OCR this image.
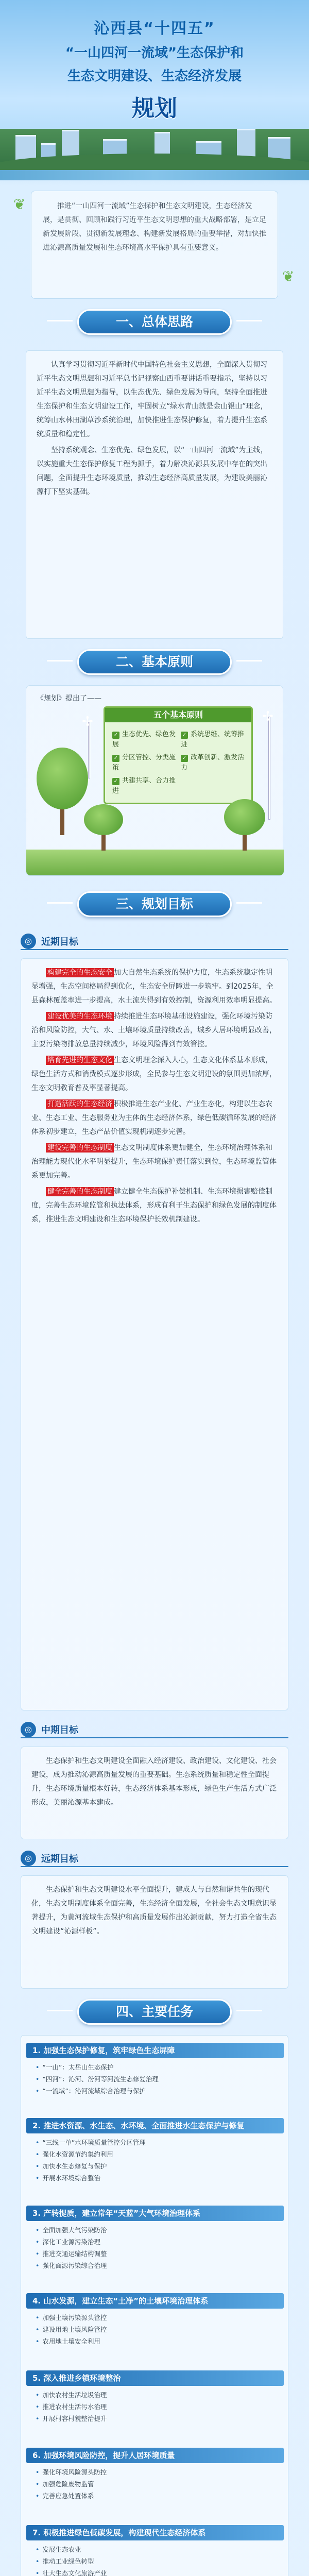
沁西县“十四五”
“一山四河一流域”生态保护和
生态文明建设、生态经济发展
规划
推进“一山四河一流域”生态保护和生态文明建设，生态经济发展，是贯彻、回顾和践行习近平生态文明思想的重大战略部署，是立足新发展阶段、贯彻新发展理念、构建新发展格局的重要举措，对加快推进沁源高质量发展和生态环境高水平保护具有重要意义。
❦
❦
一、总体思路

认真学习贯彻习近平新时代中国特色社会主义思想，全面深入贯彻习近平生态文明思想和习近平总书记视察山西重要讲话重要指示，坚持以习近平生态文明思想为指导，以生态优先、绿色发展为导向，坚持全面推进生态保护和生态文明建设工作，牢固树立“绿水青山就是金山银山”理念，统筹山水林田湖草沙系统治理，加快推进生态保护修复，着力提升生态系统质量和稳定性。

坚持系统观念、生态优先、绿色发展，以“一山四河一流域”为主线，以实施重大生态保护修复工程为抓手，着力解决沁源县发展中存在的突出问题，全面提升生态环境质量，推动生态经济高质量发展，为建设美丽沁源打下坚实基础。

二、基本原则
《规划》提出了——
五个基本原则
✓ 生态优先、绿色发展
✓ 系统思维、统筹推进
✓ 分区管控、分类施策
✓ 改革创新、激发活力
✓ 共建共享、合力推进
✢
✢
三、规划目标
◎	近期目标

构建完全的生态安全 加大自然生态系统的保护力度，生态系统稳定性明显增强，生态空间格局得到优化，生态安全屏障进一步筑牢。到2025年，全县森林覆盖率进一步提高，水土流失得到有效控制，资源利用效率明显提高。

建设优美的生态环境 持续推进生态环境基础设施建设，强化环境污染防治和风险防控，大气、水、土壤环境质量持续改善，城乡人居环境明显改善，主要污染物排放总量持续减少，环境风险得到有效管控。

培育先进的生态文化 生态文明理念深入人心，生态文化体系基本形成，绿色生活方式和消费模式逐步形成，全民参与生态文明建设的氛围更加浓厚，生态文明教育普及率显著提高。

打造活跃的生态经济 积极推进生态产业化、产业生态化，构建以生态农业、生态工业、生态服务业为主体的生态经济体系，绿色低碳循环发展的经济体系初步建立，生态产品价值实现机制逐步完善。

建设完善的生态制度 生态文明制度体系更加健全，生态环境治理体系和治理能力现代化水平明显提升，生态环境保护责任落实到位，生态环境监管体系更加完善。

健全完善的生态制度 建立健全生态保护补偿机制、生态环境损害赔偿制度，完善生态环境监管和执法体系，形成有利于生态保护和绿色发展的制度体系，推进生态文明建设和生态环境保护长效机制建设。

◎	中期目标
生态保护和生态文明建设全面融入经济建设、政治建设、文化建设、社会建设，成为推动沁源高质量发展的重要基础。生态系统质量和稳定性全面提升，生态环境质量根本好转，生态经济体系基本形成，绿色生产生活方式广泛形成，美丽沁源基本建成。
◎	远期目标
生态保护和生态文明建设水平全面提升，建成人与自然和谐共生的现代化，生态文明制度体系全面完善，生态经济全面发展，全社会生态文明意识显著提升，为黄河流域生态保护和高质量发展作出沁源贡献，努力打造全省生态文明建设“沁源样板”。
四、主要任务
1. 加强生态保护修复，筑牢绿色生态屏障
• “一山”：太岳山生态保护
• “四河”：沁河、汾河等河流生态修复治理
• “一流域”：沁河流域综合治理与保护
2. 推进水资源、水生态、水环境、全面推进水生态保护与修复
• “三线一单”水环境质量管控分区管理
• 强化水资源节约集约利用
• 加快水生态修复与保护
• 开展水环境综合整治
3. 产转提质，建立常年“天蓝”大气环境治理体系
• 全面加强大气污染防治
• 深化工业源污染治理
• 推进交通运输结构调整
• 强化面源污染综合治理
4. 山水发源，建立生态“土净”的土壤环境治理体系
• 加强土壤污染源头管控
• 建设用地土壤风险管控
• 农用地土壤安全利用
5. 深入推进乡镇环境整治
• 加快农村生活垃圾治理
• 推进农村生活污水治理
• 开展村容村貌整治提升
6. 加强环境风险防控，提升人居环境质量
• 强化环境风险源头防控
• 加强危险废物监管
• 完善应急处置体系
7. 积极推进绿色低碳发展，构建现代生态经济体系
• 发展生态农业
• 推动工业绿色转型
• 壮大生态文化旅游产业
